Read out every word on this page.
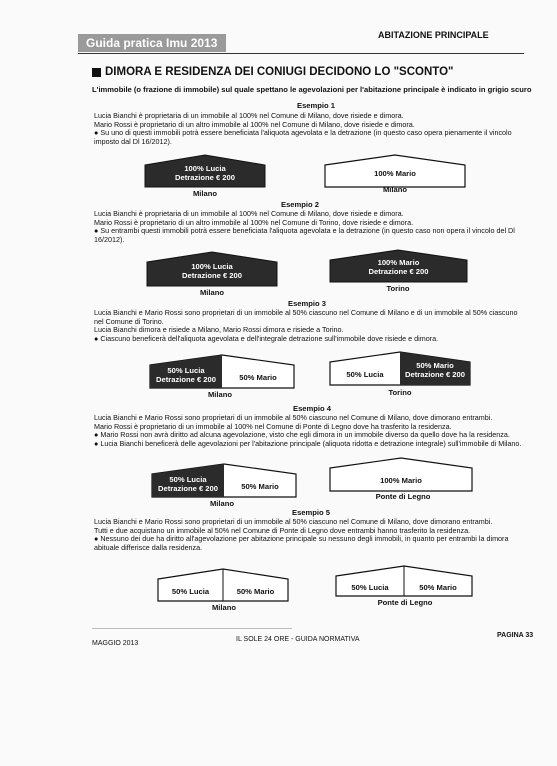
Guida pratica Imu 2013
ABITAZIONE PRINCIPALE
DIMORA E RESIDENZA DEI CONIUGI DECIDONO LO "SCONTO"
L'immobile (o frazione di immobile) sul quale spettano le agevolazioni per l'abitazione principale è indicato in grigio scuro
Esempio 1

Lucia Bianchi è proprietaria di un immobile al 100% nel Comune di Milano, dove risiede e dimora.

Mario Rossi è proprietario di un altro immobile al 100% nel Comune di Milano, dove risiede e dimora.

● Su uno di questi immobili potrà essere beneficiata l'aliquota agevolata e la detrazione (in questo caso opera pienamente il vincolo imposto dal Dl 16/2012).

100% Lucia
Detrazione € 200
Milano
100% Mario
Milano
Esempio 2

Lucia Bianchi è proprietaria di un immobile al 100% nel Comune di Milano, dove risiede e dimora.

Mario Rossi è proprietario di un altro immobile al 100% nel Comune di Torino, dove risiede e dimora.

● Su entrambi questi immobili potrà essere beneficiata l'aliquota agevolata e la detrazione (in questo caso non opera il vincolo del Dl 16/2012).

100% Lucia
Detrazione € 200
Milano
100% Mario
Detrazione € 200
Torino
Esempio 3

Lucia Bianchi e Mario Rossi sono proprietari di un immobile al 50% ciascuno nel Comune di Milano e di un immobile al 50% ciascuno nel Comune di Torino.

Lucia Bianchi dimora e risiede a Milano, Mario Rossi dimora e risiede a Torino.

● Ciascuno beneficerà dell'aliquota agevolata e dell'integrale detrazione sull'immobile dove risiede e dimora.

50% Lucia
Detrazione € 200	50% Mario
Milano
50% Lucia
50% Mario
Detrazione € 200
Torino
Esempio 4

Lucia Bianchi e Mario Rossi sono proprietari di un immobile al 50% ciascuno nel Comune di Milano, dove dimorano entrambi.

Mario Rossi è proprietario di un immobile al 100% nel Comune di Ponte di Legno dove ha trasferito la residenza.

● Mario Rossi non avrà diritto ad alcuna agevolazione, visto che egli dimora in un immobile diverso da quello dove ha la residenza.

● Lucia Bianchi beneficerà delle agevolazioni per l'abitazione principale (aliquota ridotta e detrazione integrale) sull'immobile di Milano.

50% Lucia
Detrazione € 200	50% Mario
Milano
100% Mario
Ponte di Legno
Esempio 5

Lucia Bianchi e Mario Rossi sono proprietari di un immobile al 50% ciascuno nel Comune di Milano, dove dimorano entrambi.

Tutti e due acquistano un immobile al 50% nel Comune di Ponte di Legno dove entrambi hanno trasferito la residenza.

● Nessuno dei due ha diritto all'agevolazione per abitazione principale su nessuno degli immobili, in quanto per entrambi la dimora abituale differisce dalla residenza.

50% Lucia	50% Mario
Milano
50% Lucia	50% Mario
Ponte di Legno
MAGGIO 2013
IL SOLE 24 ORE - GUIDA NORMATIVA
PAGINA 33
